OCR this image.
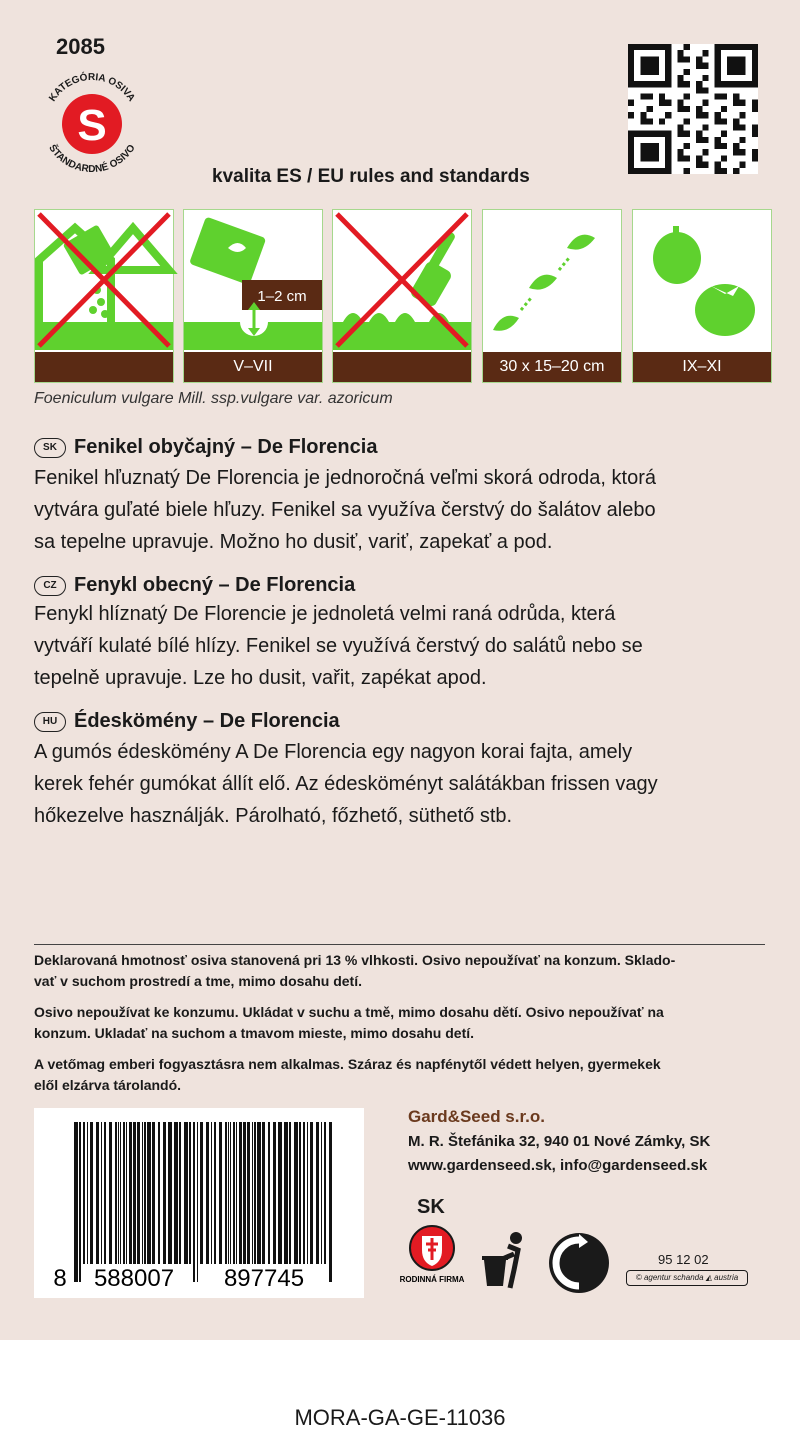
2085
KATEGÓRIA OSIVA
S
ŠTANDARDNÉ OSIVO
kvalita ES / EU rules and standards
1–2 cm
V–VII	30 x 15–20 cm	IX–XI
Foeniculum vulgare Mill. ssp.vulgare var. azoricum
SK Fenikel obyčajný – De Florencia
Fenikel hľuznatý De Florencia je jednoročná veľmi skorá odroda, ktorá
vytvára guľaté biele hľuzy. Fenikel sa využíva čerstvý do šalátov alebo
sa tepelne upravuje. Možno ho dusiť, variť, zapekať a pod.
CZ Fenykl obecný – De Florencia
Fenykl hlíznatý De Florencie je jednoletá velmi raná odrůda, která
vytváří kulaté bílé hlízy. Fenikel se využívá čerstvý do salátů nebo se
tepelně upravuje. Lze ho dusit, vařit, zapékat apod.
HU Édesköménу – De Florencia
A gumós édeskömény A De Florencia egy nagyon korai fajta, amely
kerek fehér gumókat állít elő. Az édesköményt salátákban frissen vagy
hőkezelve használják. Párolható, főzhető, süthető stb.
Deklarovaná hmotnosť osiva stanovená pri 13 % vlhkosti. Osivo nepoužívať na konzum. Sklado-
vať v suchom prostredí a tme, mimo dosahu detí.
Osivo nepoužívat ke konzumu. Ukládat v suchu a tmě, mimo dosahu dětí. Osivo nepoužívať na
konzum. Ukladať na suchom a tmavom mieste, mimo dosahu detí.
A vetőmag emberi fogyasztásra nem alkalmas. Száraz és napfénytől védett helyen, gyermekek
elől elzárva tárolandó.
8 588007 897745
Gard&Seed s.r.o.
M. R. Štefánika 32, 940 01 Nové Zámky, SK
www.gardenseed.sk, info@gardenseed.sk
SK
RODINNÁ FIRMA
95 12 02
© agentur schanda ◭ austria
MORA-GA-GE-11036
